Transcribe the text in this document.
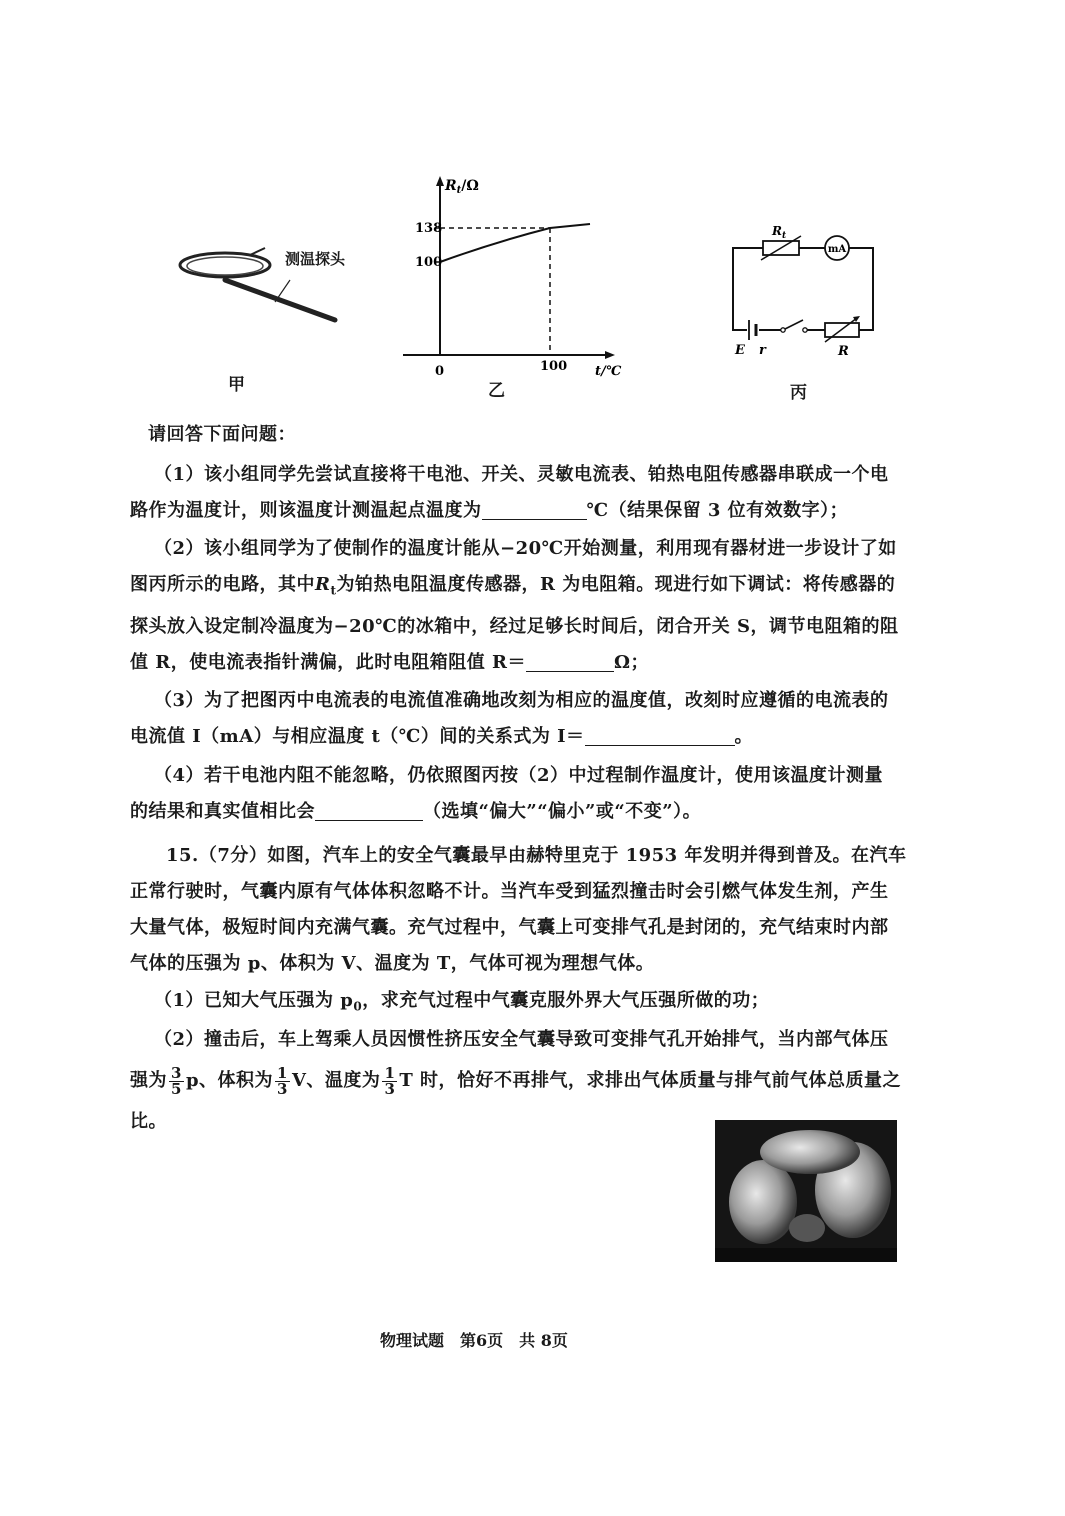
测温探头
甲
$R_t/\Omega$
138
100
0	100 t/℃
乙
$R_t$
mA
E r	R
丙
请回答下面问题：
（1）该小组同学先尝试直接将干电池、开关、灵敏电流表、铂热电阻传感器串联成一个电
路作为温度计，则该温度计测温起点温度为	℃（结果保留 3 位有效数字）；
（2）该小组同学为了使制作的温度计能从−20℃开始测量，利用现有器材进一步设计了如
图丙所示的电路，其中$R_t$为铂热电阻温度传感器，R 为电阻箱。现进行如下调试：将传感器的
探头放入设定制冷温度为−20℃的冰箱中，经过足够长时间后，闭合开关 S，调节电阻箱的阻
值 R，使电流表指针满偏，此时电阻箱阻值 R＝	Ω；
（3）为了把图丙中电流表的电流值准确地改刻为相应的温度值，改刻时应遵循的电流表的
电流值 I（mA）与相应温度 t（℃）间的关系式为 I＝	。
（4）若干电池内阻不能忽略，仍依照图丙按（2）中过程制作温度计，使用该温度计测量
的结果和真实值相比会	（选填“偏大”“偏小”或“不变”）。
15.（7分）如图，汽车上的安全气囊最早由赫特里克于 1953 年发明并得到普及。在汽车
正常行驶时，气囊内原有气体体积忽略不计。当汽车受到猛烈撞击时会引燃气体发生剂，产生
大量气体，极短时间内充满气囊。充气过程中，气囊上可变排气孔是封闭的，充气结束时内部
气体的压强为 p、体积为 V、温度为 T，气体可视为理想气体。
（1）已知大气压强为 $p_0$，求充气过程中气囊克服外界大气压强所做的功；
（2）撞击后，车上驾乘人员因惯性挤压安全气囊导致可变排气孔开始排气，当内部气体压
强为 $\frac{3}{5}$ p、体积为 $\frac{1}{3}$ V、温度为 $\frac{1}{3}$ T 时，恰好不再排气，求排出气体质量与排气前气体总质量之
比。
物理试题　第6页　共 8页
